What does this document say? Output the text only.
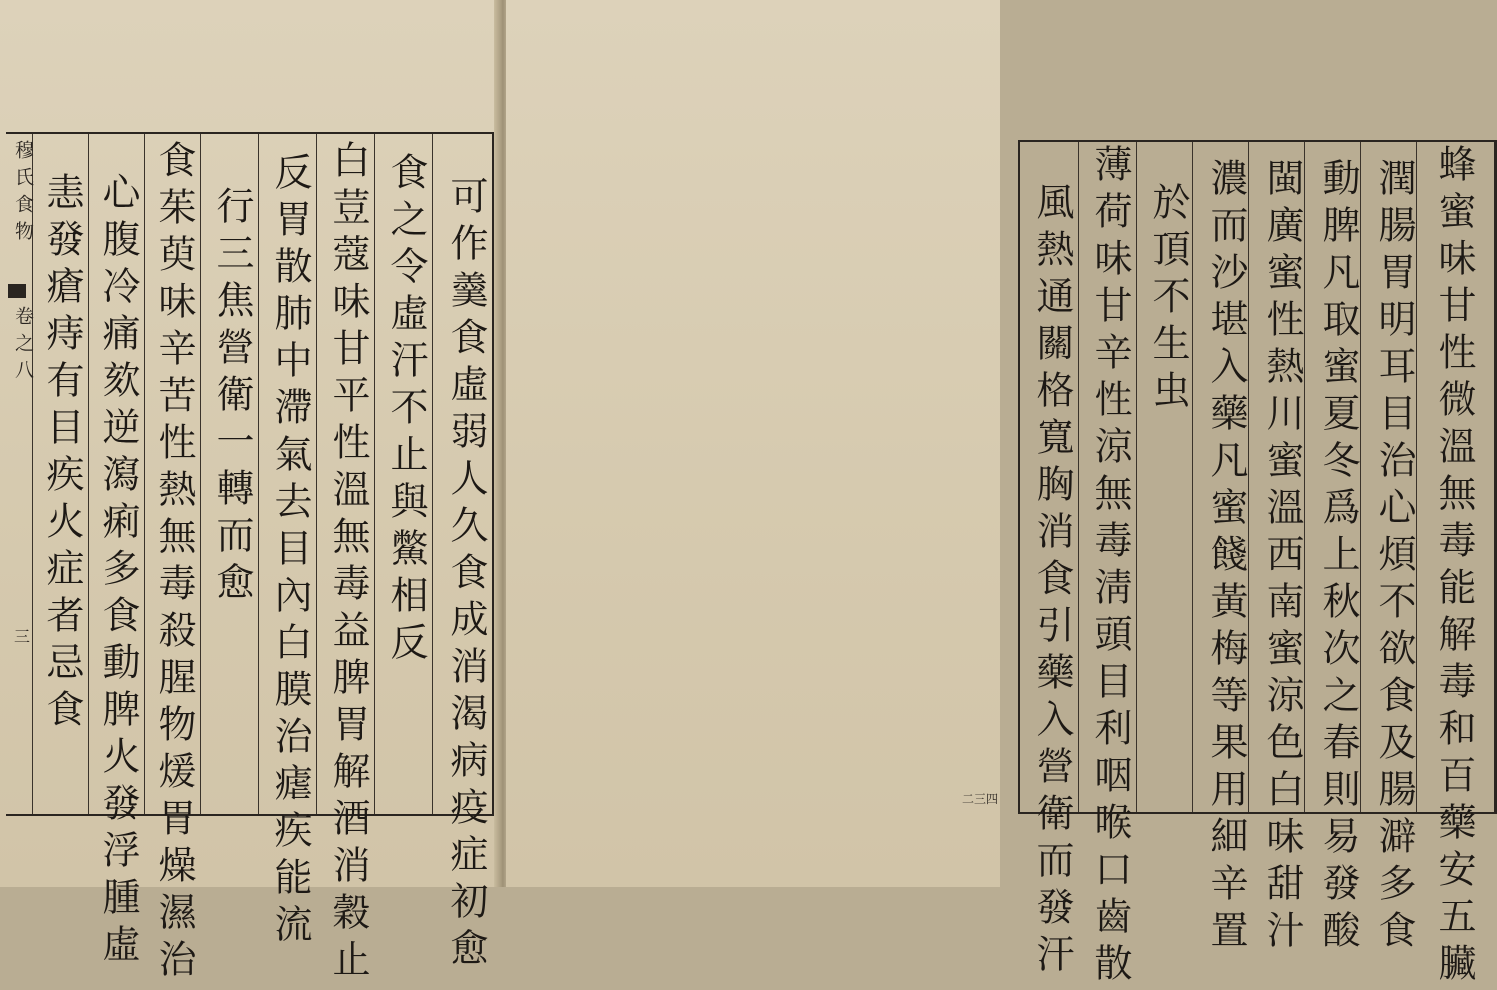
穆氏食物
卷之八
三	可作羹食虛弱人久食成消渴病疫症初愈
食之令虛汗不止與鱉相反
白荳蔻味甘平性溫無毒益脾胃解酒消穀止
反胃散肺中滯氣去目內白膜治瘧疾能流
行三焦營衛一轉而愈
食茱萸味辛苦性熱無毒殺腥物煖胃燥濕治
心腹冷痛欬逆瀉痢多食動脾火發浮腫虛
恚發瘡痔有目疾火症者忌食	蜂蜜味甘性微溫無毒能解毒和百藥安五臟
潤腸胃明耳目治心煩不欲食及腸澼多食
動脾凡取蜜夏冬爲上秋次之春則易發酸
閩廣蜜性熱川蜜溫西南蜜涼色白味甜汁
濃而沙堪入藥凡蜜餞黃梅等果用細辛置
於頂不生虫
薄荷味甘辛性涼無毒淸頭目利咽喉口齒散
風熱通關格寬胸消食引藥入營衛而發汗
二三四
